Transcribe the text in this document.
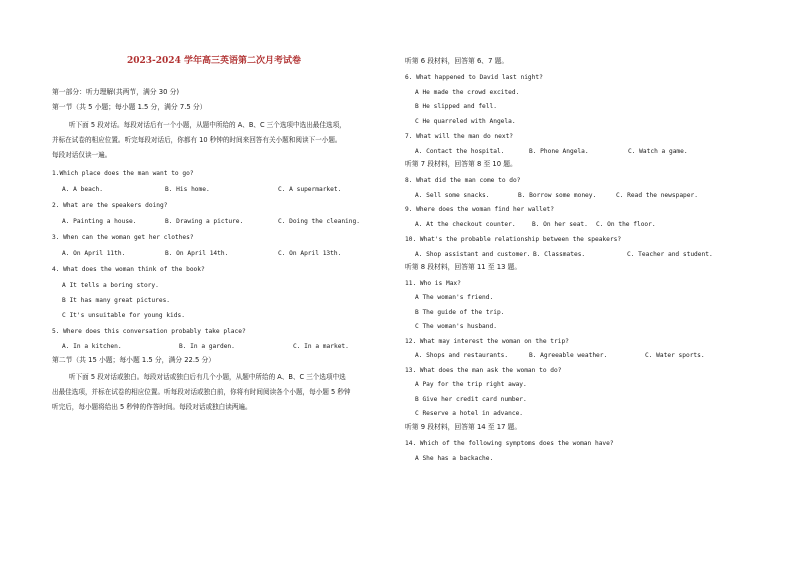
2023-2024 学年高三英语第二次月考试卷
第一部分：听力理解(共两节，满分 30 分)
第一节（共 5 小题；每小题 1.5 分，满分 7.5 分）
听下面 5 段对话。每段对话后有一个小题，从题中所给的 A、B、C 三个选项中选出最佳选项，
并标在试卷的相应位置。听完每段对话后，你都有 10 秒钟的时间来回答有关小题和阅读下一小题。
每段对话仅读一遍。
1.Which place does the man want to go?
A. A beach.	B. His home.	C. A supermarket.
2. What are the speakers doing?
A. Painting a house.	B. Drawing a picture.	C. Doing the cleaning.
3. When can the woman get her clothes?
A. On April 11th.	B. On April 14th.	C. On April 13th.
4. What does the woman think of the book?
A It tells a boring story.
B It has many great pictures.
C It's unsuitable for young kids.
5. Where does this conversation probably take place?
A. In a kitchen.	B. In a garden.	C. In a market.
第二节（共 15 小题；每小题 1.5 分，满分 22.5 分）
听下面 5 段对话或独白。每段对话或独白后有几个小题，从题中所给的 A、B、C 三个选项中选
出最佳选项，并标在试卷的相应位置。听每段对话或独白前，你将有时间阅读各个小题，每小题 5 秒钟
听完后，每小题将给出 5 秒钟的作答时间。每段对话或独白读两遍。
听第 6 段材料，回答第 6、7 题。
6. What happened to David last night?
A He made the crowd excited.
B He slipped and fell.
C He quarreled with Angela.
7. What will the man do next?
A. Contact the hospital.	B. Phone Angela.	C. Watch a game.
听第 7 段材料，回答第 8 至 10 题。
8. What did the man come to do?
A. Sell some snacks.	B. Borrow some money.	C. Read the newspaper.
9. Where does the woman find her wallet?
A. At the checkout counter.	B. On her seat. C. On the floor.
10. What's the probable relationship between the speakers?
A. Shop assistant and customer. B. Classmates.	C. Teacher and student.
听第 8 段材料，回答第 11 至 13 题。
11. Who is Max?
A The woman's friend.
B The guide of the trip.
C The woman's husband.
12. What may interest the woman on the trip?
A. Shops and restaurants.	B. Agreeable weather.	C. Water sports.
13. What does the man ask the woman to do?
A Pay for the trip right away.
B Give her credit card number.
C Reserve a hotel in advance.
听第 9 段材料，回答第 14 至 17 题。
14. Which of the following symptoms does the woman have?
A She has a backache.
